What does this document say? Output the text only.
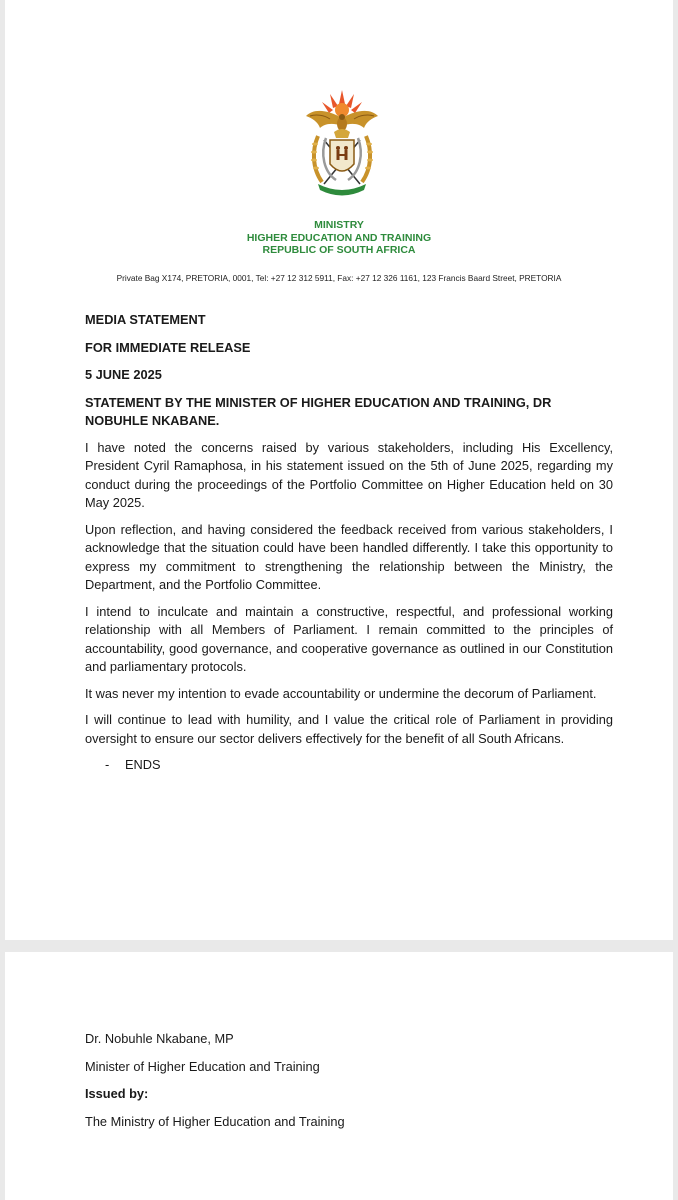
MINISTRY
HIGHER EDUCATION AND TRAINING
REPUBLIC OF SOUTH AFRICA
Private Bag X174, PRETORIA, 0001, Tel: +27 12 312 5911, Fax: +27 12 326 1161, 123 Francis Baard Street, PRETORIA
MEDIA STATEMENT
FOR IMMEDIATE RELEASE
5 JUNE 2025
STATEMENT BY THE MINISTER OF HIGHER EDUCATION AND TRAINING, DR NOBUHLE NKABANE.

I have noted the concerns raised by various stakeholders, including His Excellency, President Cyril Ramaphosa, in his statement issued on the 5th of June 2025, regarding my conduct during the proceedings of the Portfolio Committee on Higher Education held on 30 May 2025.

Upon reflection, and having considered the feedback received from various stakeholders, I acknowledge that the situation could have been handled differently. I take this opportunity to express my commitment to strengthening the relationship between the Ministry, the Department, and the Portfolio Committee.

I intend to inculcate and maintain a constructive, respectful, and professional working relationship with all Members of Parliament. I remain committed to the principles of accountability, good governance, and cooperative governance as outlined in our Constitution and parliamentary protocols.

It was never my intention to evade accountability or undermine the decorum of Parliament.

I will continue to lead with humility, and I value the critical role of Parliament in providing oversight to ensure our sector delivers effectively for the benefit of all South Africans.

- ENDS
Dr. Nobuhle Nkabane, MP
Minister of Higher Education and Training
Issued by:
The Ministry of Higher Education and Training
